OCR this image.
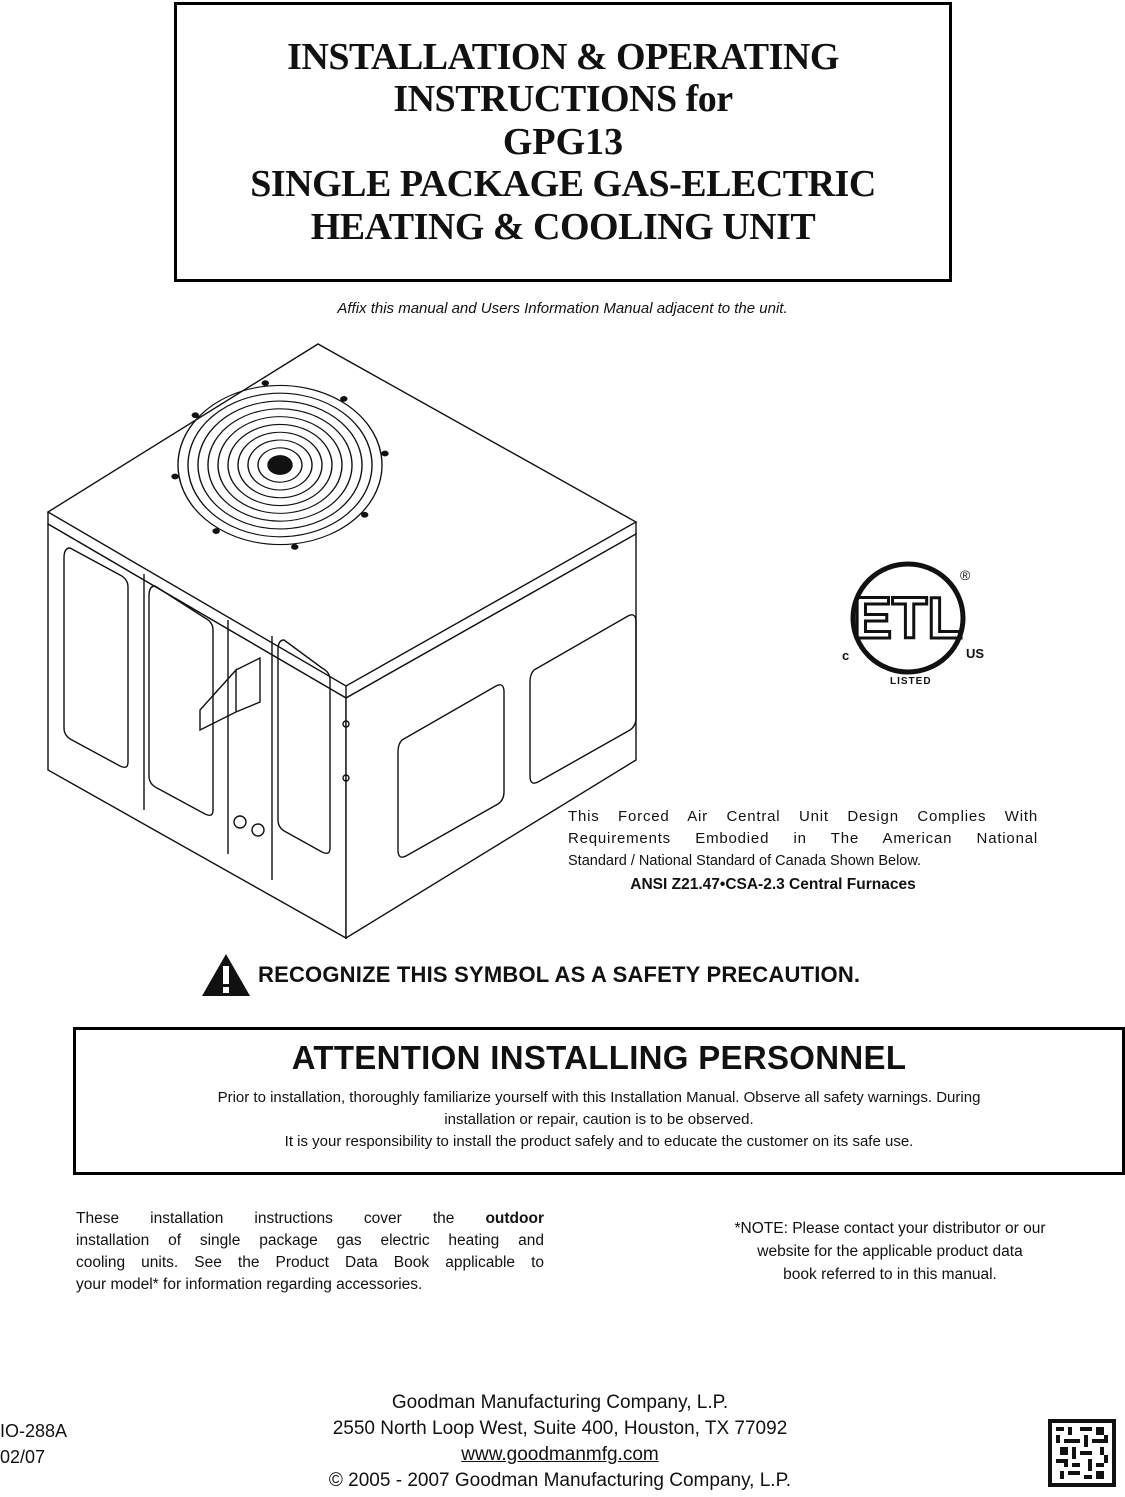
INSTALLATION & OPERATING
INSTRUCTIONS for
GPG13
SINGLE PACKAGE GAS-ELECTRIC
HEATING & COOLING UNIT
Affix this manual and Users Information Manual adjacent to the unit.
ETL
c	US
LISTED
®
This Forced Air Central Unit Design Complies With
Requirements Embodied in The American National
Standard / National Standard of Canada Shown Below.
ANSI Z21.47•CSA-2.3 Central Furnaces
RECOGNIZE THIS SYMBOL AS A SAFETY PRECAUTION.
ATTENTION INSTALLING PERSONNEL
Prior to installation, thoroughly familiarize yourself with this Installation Manual. Observe all safety warnings. During
installation or repair, caution is to be observed.
It is your responsibility to install the product safely and to educate the customer on its safe use.
These installation instructions cover the outdoor
installation of single package gas electric heating and
cooling units. See the Product Data Book applicable to
your model* for information regarding accessories.
*NOTE: Please contact your distributor or our
website for the applicable product data
book referred to in this manual.
IO-288A
02/07
Goodman Manufacturing Company, L.P.
2550 North Loop West, Suite 400, Houston, TX 77092
www.goodmanmfg.com
© 2005 - 2007 Goodman Manufacturing Company, L.P.
